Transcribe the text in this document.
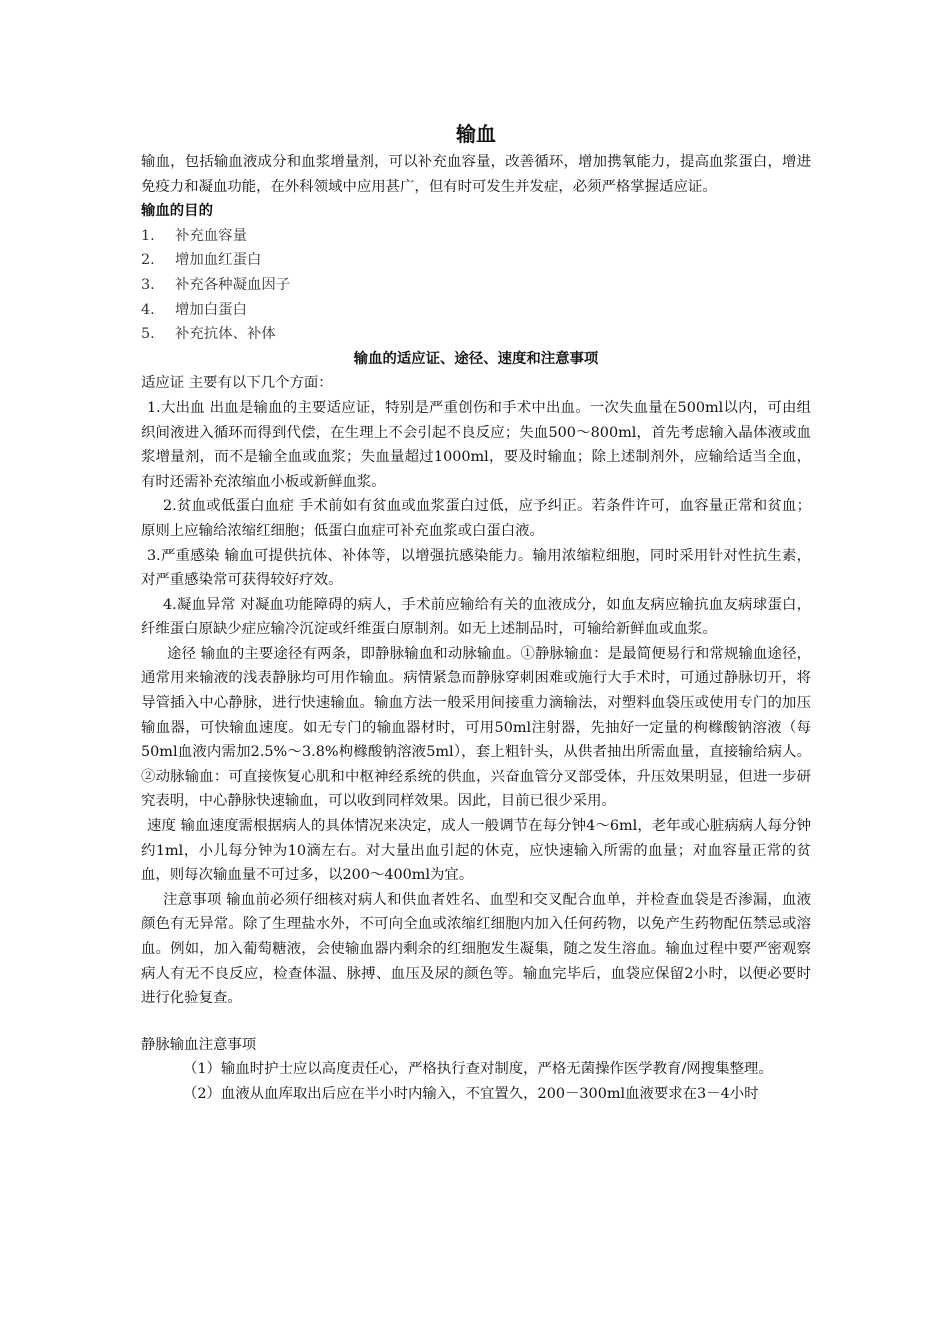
输血

输血，包括输血液成分和血浆增量剂，可以补充血容量，改善循环，增加携氧能力，提高血浆蛋白，增进免疫力和凝血功能，在外科领域中应用甚广，但有时可发生并发症，必须严格掌握适应证。

输血的目的

1.	补充血容量
2.	增加血红蛋白
3.	补充各种凝血因子
4.	增加白蛋白
5.	补充抗体、补体

输血的适应证、途径、速度和注意事项

适应证 主要有以下几个方面：

1.大出血 出血是输血的主要适应证，特别是严重创伤和手术中出血。一次失血量在500ml以内，可由组织间液进入循环而得到代偿，在生理上不会引起不良反应；失血500～800ml，首先考虑输入晶体液或血浆增量剂，而不是输全血或血浆；失血量超过1000ml，要及时输血；除上述制剂外，应输给适当全血，有时还需补充浓缩血小板或新鲜血浆。

2.贫血或低蛋白血症 手术前如有贫血或血浆蛋白过低，应予纠正。若条件许可，血容量正常和贫血；原则上应输给浓缩红细胞；低蛋白血症可补充血浆或白蛋白液。

3.严重感染 输血可提供抗体、补体等，以增强抗感染能力。输用浓缩粒细胞，同时采用针对性抗生素，对严重感染常可获得较好疗效。

4.凝血异常 对凝血功能障碍的病人，手术前应输给有关的血液成分，如血友病应输抗血友病球蛋白，纤维蛋白原缺少症应输冷沉淀或纤维蛋白原制剂。如无上述制品时，可输给新鲜血或血浆。

途径 输血的主要途径有两条，即静脉输血和动脉输血。①静脉输血：是最简便易行和常规输血途径，通常用来输液的浅表静脉均可用作输血。病情紧急而静脉穿刺困难或施行大手术时，可通过静脉切开，将导管插入中心静脉，进行快速输血。输血方法一般采用间接重力滴输法，对塑料血袋压或使用专门的加压输血器，可快输血速度。如无专门的输血器材时，可用50ml注射器，先抽好一定量的枸橼酸钠溶液（每50ml血液内需加2.5%～3.8%枸橼酸钠溶液5ml），套上粗针头，从供者抽出所需血量，直接输给病人。②动脉输血：可直接恢复心肌和中枢神经系统的供血，兴奋血管分叉部受体，升压效果明显，但进一步研究表明，中心静脉快速输血，可以收到同样效果。因此，目前已很少采用。

速度 输血速度需根据病人的具体情况来决定，成人一般调节在每分钟4～6ml，老年或心脏病病人每分钟约1ml，小儿每分钟为10滴左右。对大量出血引起的休克，应快速输入所需的血量；对血容量正常的贫血，则每次输血量不可过多，以200～400ml为宜。

注意事项 输血前必须仔细核对病人和供血者姓名、血型和交叉配合血单，并检查血袋是否渗漏，血液颜色有无异常。除了生理盐水外，不可向全血或浓缩红细胞内加入任何药物，以免产生药物配伍禁忌或溶血。例如，加入葡萄糖液，会使输血器内剩余的红细胞发生凝集，随之发生溶血。输血过程中要严密观察病人有无不良反应，检查体温、脉搏、血压及尿的颜色等。输血完毕后，血袋应保留2小时，以便必要时进行化验复查。

静脉输血注意事项

（1）输血时护士应以高度责任心，严格执行查对制度，严格无菌操作医学教育/网搜集整理。

（2）血液从血库取出后应在半小时内输入，不宜置久，200－300ml血液要求在3－4小时
